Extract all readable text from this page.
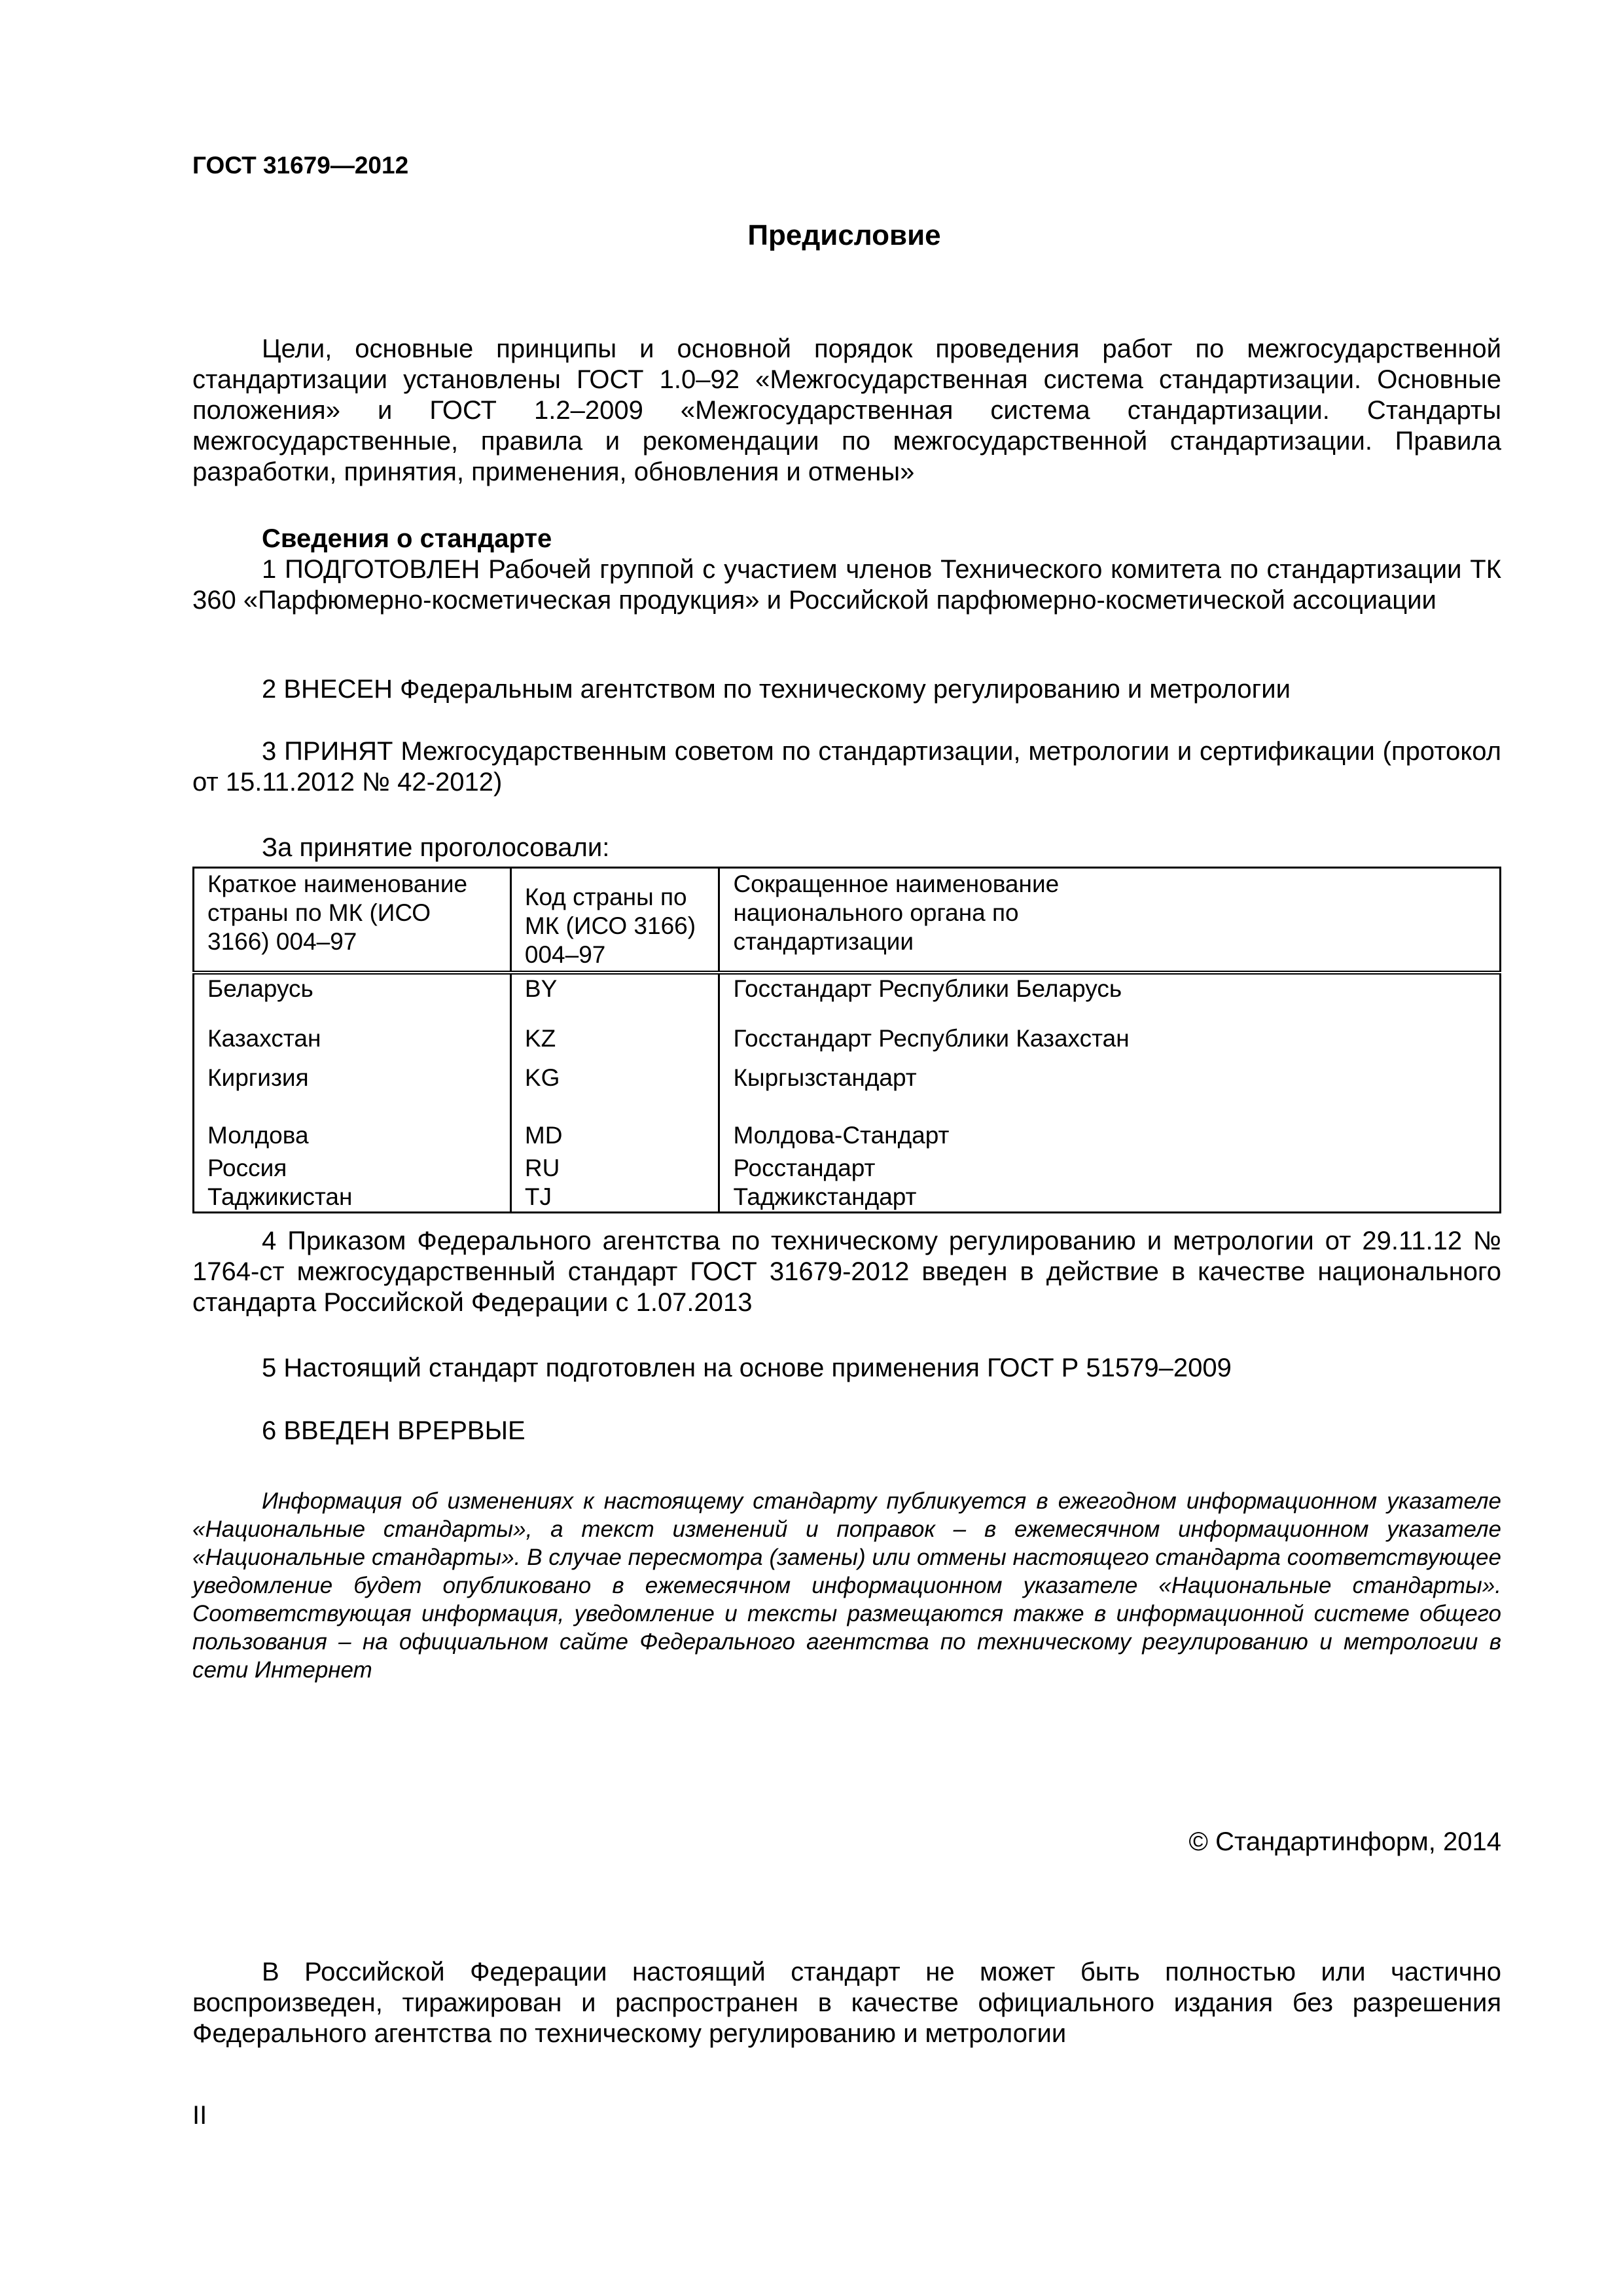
ГОСТ 31679—2012
Предисловие
Цели, основные принципы и основной порядок проведения работ по межгосударственной стандартизации установлены ГОСТ 1.0–92 «Межгосударственная система стандартизации. Основные положения» и ГОСТ 1.2–2009 «Межгосударственная система стандартизации. Стандарты межгосударственные, правила и рекомендации по межгосударственной стандартизации. Правила разработки, принятия, применения, обновления и отмены»
Сведения о стандарте
1 ПОДГОТОВЛЕН Рабочей группой с участием членов Технического комитета по стандартизации ТК 360 «Парфюмерно-косметическая продукция» и Российской парфюмерно-косметической ассоциации
2 ВНЕСЕН Федеральным агентством по техническому регулированию и метрологии
3 ПРИНЯТ Межгосударственным советом по стандартизации, метрологии и сертификации (протокол от 15.11.2012 № 42-2012)
За принятие проголосовали:
Краткое наименование страны по МК (ИСО 3166) 004–97	Код страны по МК (ИСО 3166) 004–97	Сокращенное наименование национального органа по стандартизации
Беларусь	BY	Госстандарт Республики Беларусь
Казахстан	KZ	Госстандарт Республики Казахстан
Киргизия	KG	Кыргызстандарт
Молдова	MD	Молдова-Стандарт
Россия	RU	Росстандарт
Таджикистан	TJ	Таджикстандарт
4 Приказом Федерального агентства по техническому регулированию и метрологии от 29.11.12 № 1764-ст межгосударственный стандарт ГОСТ 31679-2012 введен в действие в качестве национального стандарта Российской Федерации с 1.07.2013
5 Настоящий стандарт подготовлен на основе применения ГОСТ Р 51579–2009
6 ВВЕДЕН ВРЕРВЫЕ
Информация об изменениях к настоящему стандарту публикуется в ежегодном информационном указателе «Национальные стандарты», а текст изменений и поправок – в ежемесячном информационном указателе «Национальные стандарты». В случае пересмотра (замены) или отмены настоящего стандарта соответствующее уведомление будет опубликовано в ежемесячном информационном указателе «Национальные стандарты». Соответствующая информация, уведомление и тексты размещаются также в информационной системе общего пользования – на официальном сайте Федерального агентства по техническому регулированию и метрологии в сети Интернет
© Стандартинформ, 2014
В Российской Федерации настоящий стандарт не может быть полностью или частично воспроизведен, тиражирован и распространен в качестве официального издания без разрешения Федерального агентства по техническому регулированию и метрологии
II
